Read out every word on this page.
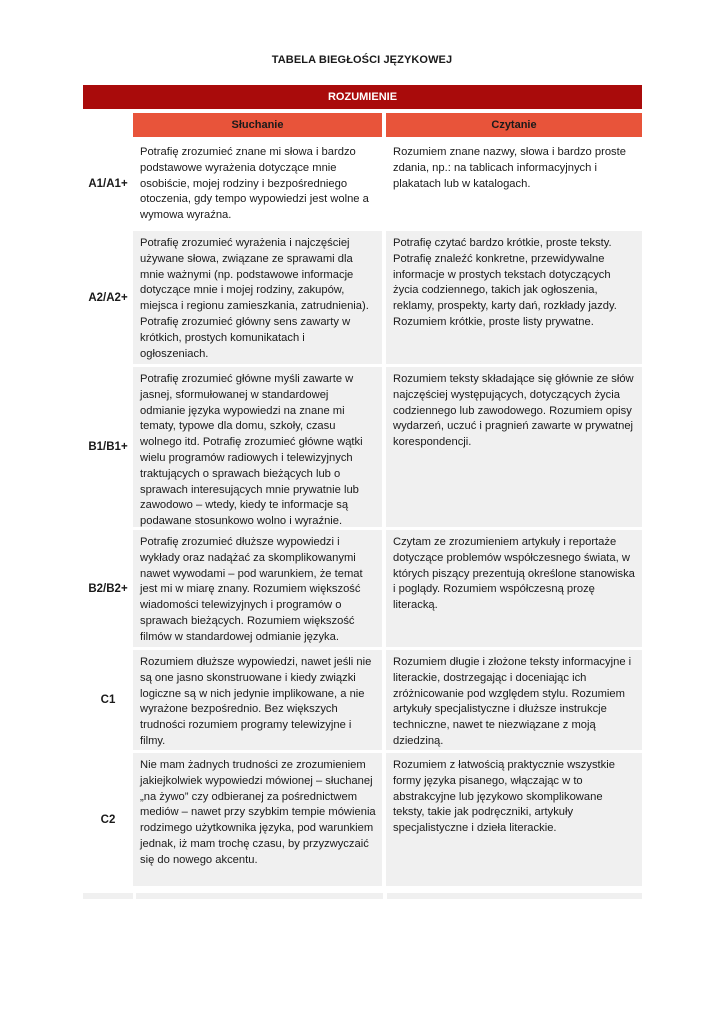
TABELA BIEGŁOŚCI JĘZYKOWEJ
ROZUMIENIE
Słuchanie	Czytanie
A1/A1+
Potrafię zrozumieć znane mi słowa i bardzo podstawowe wyrażenia dotyczące mnie osobiście, mojej rodziny i bezpośredniego otoczenia, gdy tempo wypowiedzi jest wolne a wymowa wyraźna.
Rozumiem znane nazwy, słowa i bardzo proste zdania, np.: na tablicach informacyjnych i plakatach lub w katalogach.
A2/A2+
Potrafię zrozumieć wyrażenia i najczęściej używane słowa, związane ze sprawami dla mnie ważnymi (np. podstawowe informacje dotyczące mnie i mojej rodziny, zakupów, miejsca i regionu zamieszkania, zatrudnienia). Potrafię zrozumieć główny sens zawarty w krótkich, prostych komunikatach i ogłoszeniach.
Potrafię czytać bardzo krótkie, proste teksty. Potrafię znaleźć konkretne, przewidywalne informacje w prostych tekstach dotyczących życia codziennego, takich jak ogłoszenia, reklamy, prospekty, karty dań, rozkłady jazdy. Rozumiem krótkie, proste listy prywatne.
B1/B1+
Potrafię zrozumieć główne myśli zawarte w jasnej, sformułowanej w standardowej odmianie języka wypowiedzi na znane mi tematy, typowe dla domu, szkoły, czasu wolnego itd. Potrafię zrozumieć główne wątki wielu programów radiowych i telewizyjnych traktujących o sprawach bieżących lub o sprawach interesujących mnie prywatnie lub zawodowo – wtedy, kiedy te informacje są podawane stosunkowo wolno i wyraźnie.
Rozumiem teksty składające się głównie ze słów najczęściej występujących, dotyczących życia codziennego lub zawodowego. Rozumiem opisy wydarzeń, uczuć i pragnień zawarte w prywatnej korespondencji.
B2/B2+
Potrafię zrozumieć dłuższe wypowiedzi i wykłady oraz nadążać za skomplikowanymi nawet wywodami – pod warunkiem, że temat jest mi w miarę znany. Rozumiem większość wiadomości telewizyjnych i programów o sprawach bieżących. Rozumiem większość filmów w standardowej odmianie języka.
Czytam ze zrozumieniem artykuły i reportaże dotyczące problemów współczesnego świata, w których piszący prezentują określone stanowiska i poglądy. Rozumiem współczesną prozę literacką.
C1
Rozumiem dłuższe wypowiedzi, nawet jeśli nie są one jasno skonstruowane i kiedy związki logiczne są w nich jedynie implikowane, a nie wyrażone bezpośrednio. Bez większych trudności rozumiem programy telewizyjne i filmy.
Rozumiem długie i złożone teksty informacyjne i literackie, dostrzegając i doceniając ich zróżnicowanie pod względem stylu. Rozumiem artykuły specjalistyczne i dłuższe instrukcje techniczne, nawet te niezwiązane z moją dziedziną.
C2
Nie mam żadnych trudności ze zrozumieniem jakiejkolwiek wypowiedzi mówionej – słuchanej „na żywo” czy odbieranej za pośrednictwem mediów – nawet przy szybkim tempie mówienia rodzimego użytkownika języka, pod warunkiem jednak, iż mam trochę czasu, by przyzwyczaić się do nowego akcentu.
Rozumiem z łatwością praktycznie wszystkie formy języka pisanego, włączając w to abstrakcyjne lub językowo skomplikowane teksty, takie jak podręczniki, artykuły specjalistyczne i dzieła literackie.
